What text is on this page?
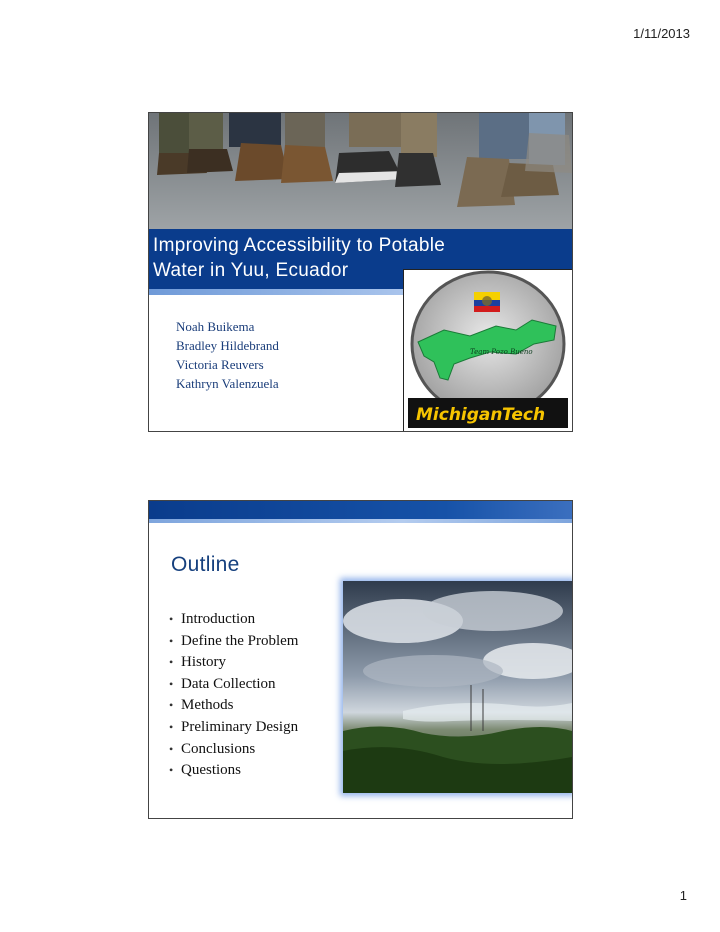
1/11/2013
Improving Accessibility to Potable
Water in Yuu, Ecuador
Noah Buikema
Bradley Hildebrand
Victoria Reuvers
Kathryn Valenzuela
Team Pozo Bueno
Michigan Tech
Outline
• Introduction
• Define the Problem
• History
• Data Collection
• Methods
• Preliminary Design
• Conclusions
• Questions
1
